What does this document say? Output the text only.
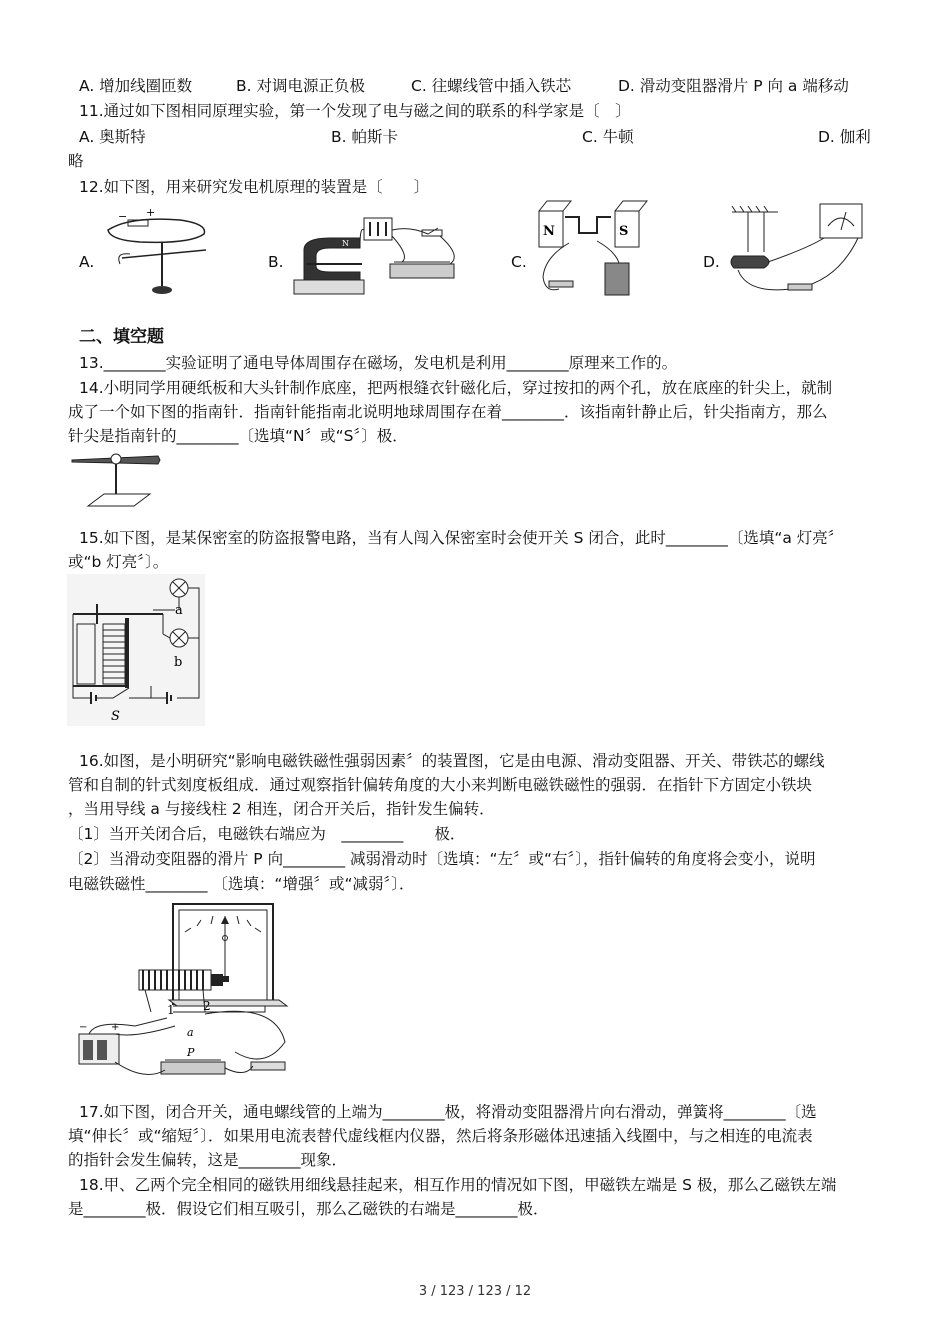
A. 增加线圈匝数	B. 对调电源正负极	C. 往螺线管中插入铁芯	D. 滑动变阻器滑片 P 向 a 端移动
11.通过如下图相同原理实验，第一个发现了电与磁之间的联系的科学家是〔　〕
A. 奥斯特	B. 帕斯卡	C. 牛顿	D. 伽利
略
12.如下图，用来研究发电机原理的装置是〔　　〕
A.	B.	C.	D.
− +
N
N	S
二、填空题
13.________实验证明了通电导体周围存在磁场，发电机是利用________原理来工作的。
14.小明同学用硬纸板和大头针制作底座，把两根缝衣针磁化后，穿过按扣的两个孔，放在底座的针尖上，就制
成了一个如下图的指南针．指南针能指南北说明地球周围存在着________．该指南针静止后，针尖指南方，那么
针尖是指南针的________〔选填“N〞或“S〞〕极．
15.如下图，是某保密室的防盗报警电路，当有人闯入保密室时会使开关 S 闭合，此时________〔选填“a 灯亮〞
或“b 灯亮〞〕。
a
b
S
16.如图，是小明研究“影响电磁铁磁性强弱因素〞的装置图，它是由电源、滑动变阻器、开关、带铁芯的螺线
管和自制的针式刻度板组成．通过观察指针偏转角度的大小来判断电磁铁磁性的强弱．在指针下方固定小铁块
，当用导线 a 与接线柱 2 相连，闭合开关后，指针发生偏转．
〔1〕当开关闭合后，电磁铁右端应为　________　　极．
〔2〕当滑动变阻器的滑片 P 向________ 减弱滑动时〔选填：“左〞或“右〞〕，指针偏转的角度将会变小，说明
电磁铁磁性________ 〔选填：“增强〞或“减弱〞〕．
1 2
− +	a
P
17.如下图，闭合开关，通电螺线管的上端为________极，将滑动变阻器滑片向右滑动，弹簧将________〔选
填“伸长〞或“缩短〞〕．如果用电流表替代虚线框内仪器，然后将条形磁体迅速插入线圈中，与之相连的电流表
的指针会发生偏转，这是________现象．
18.甲、乙两个完全相同的磁铁用细线悬挂起来，相互作用的情况如下图，甲磁铁左端是 S 极，那么乙磁铁左端
是________极．假设它们相互吸引，那么乙磁铁的右端是________极．
3 / 123 / 123 / 12
